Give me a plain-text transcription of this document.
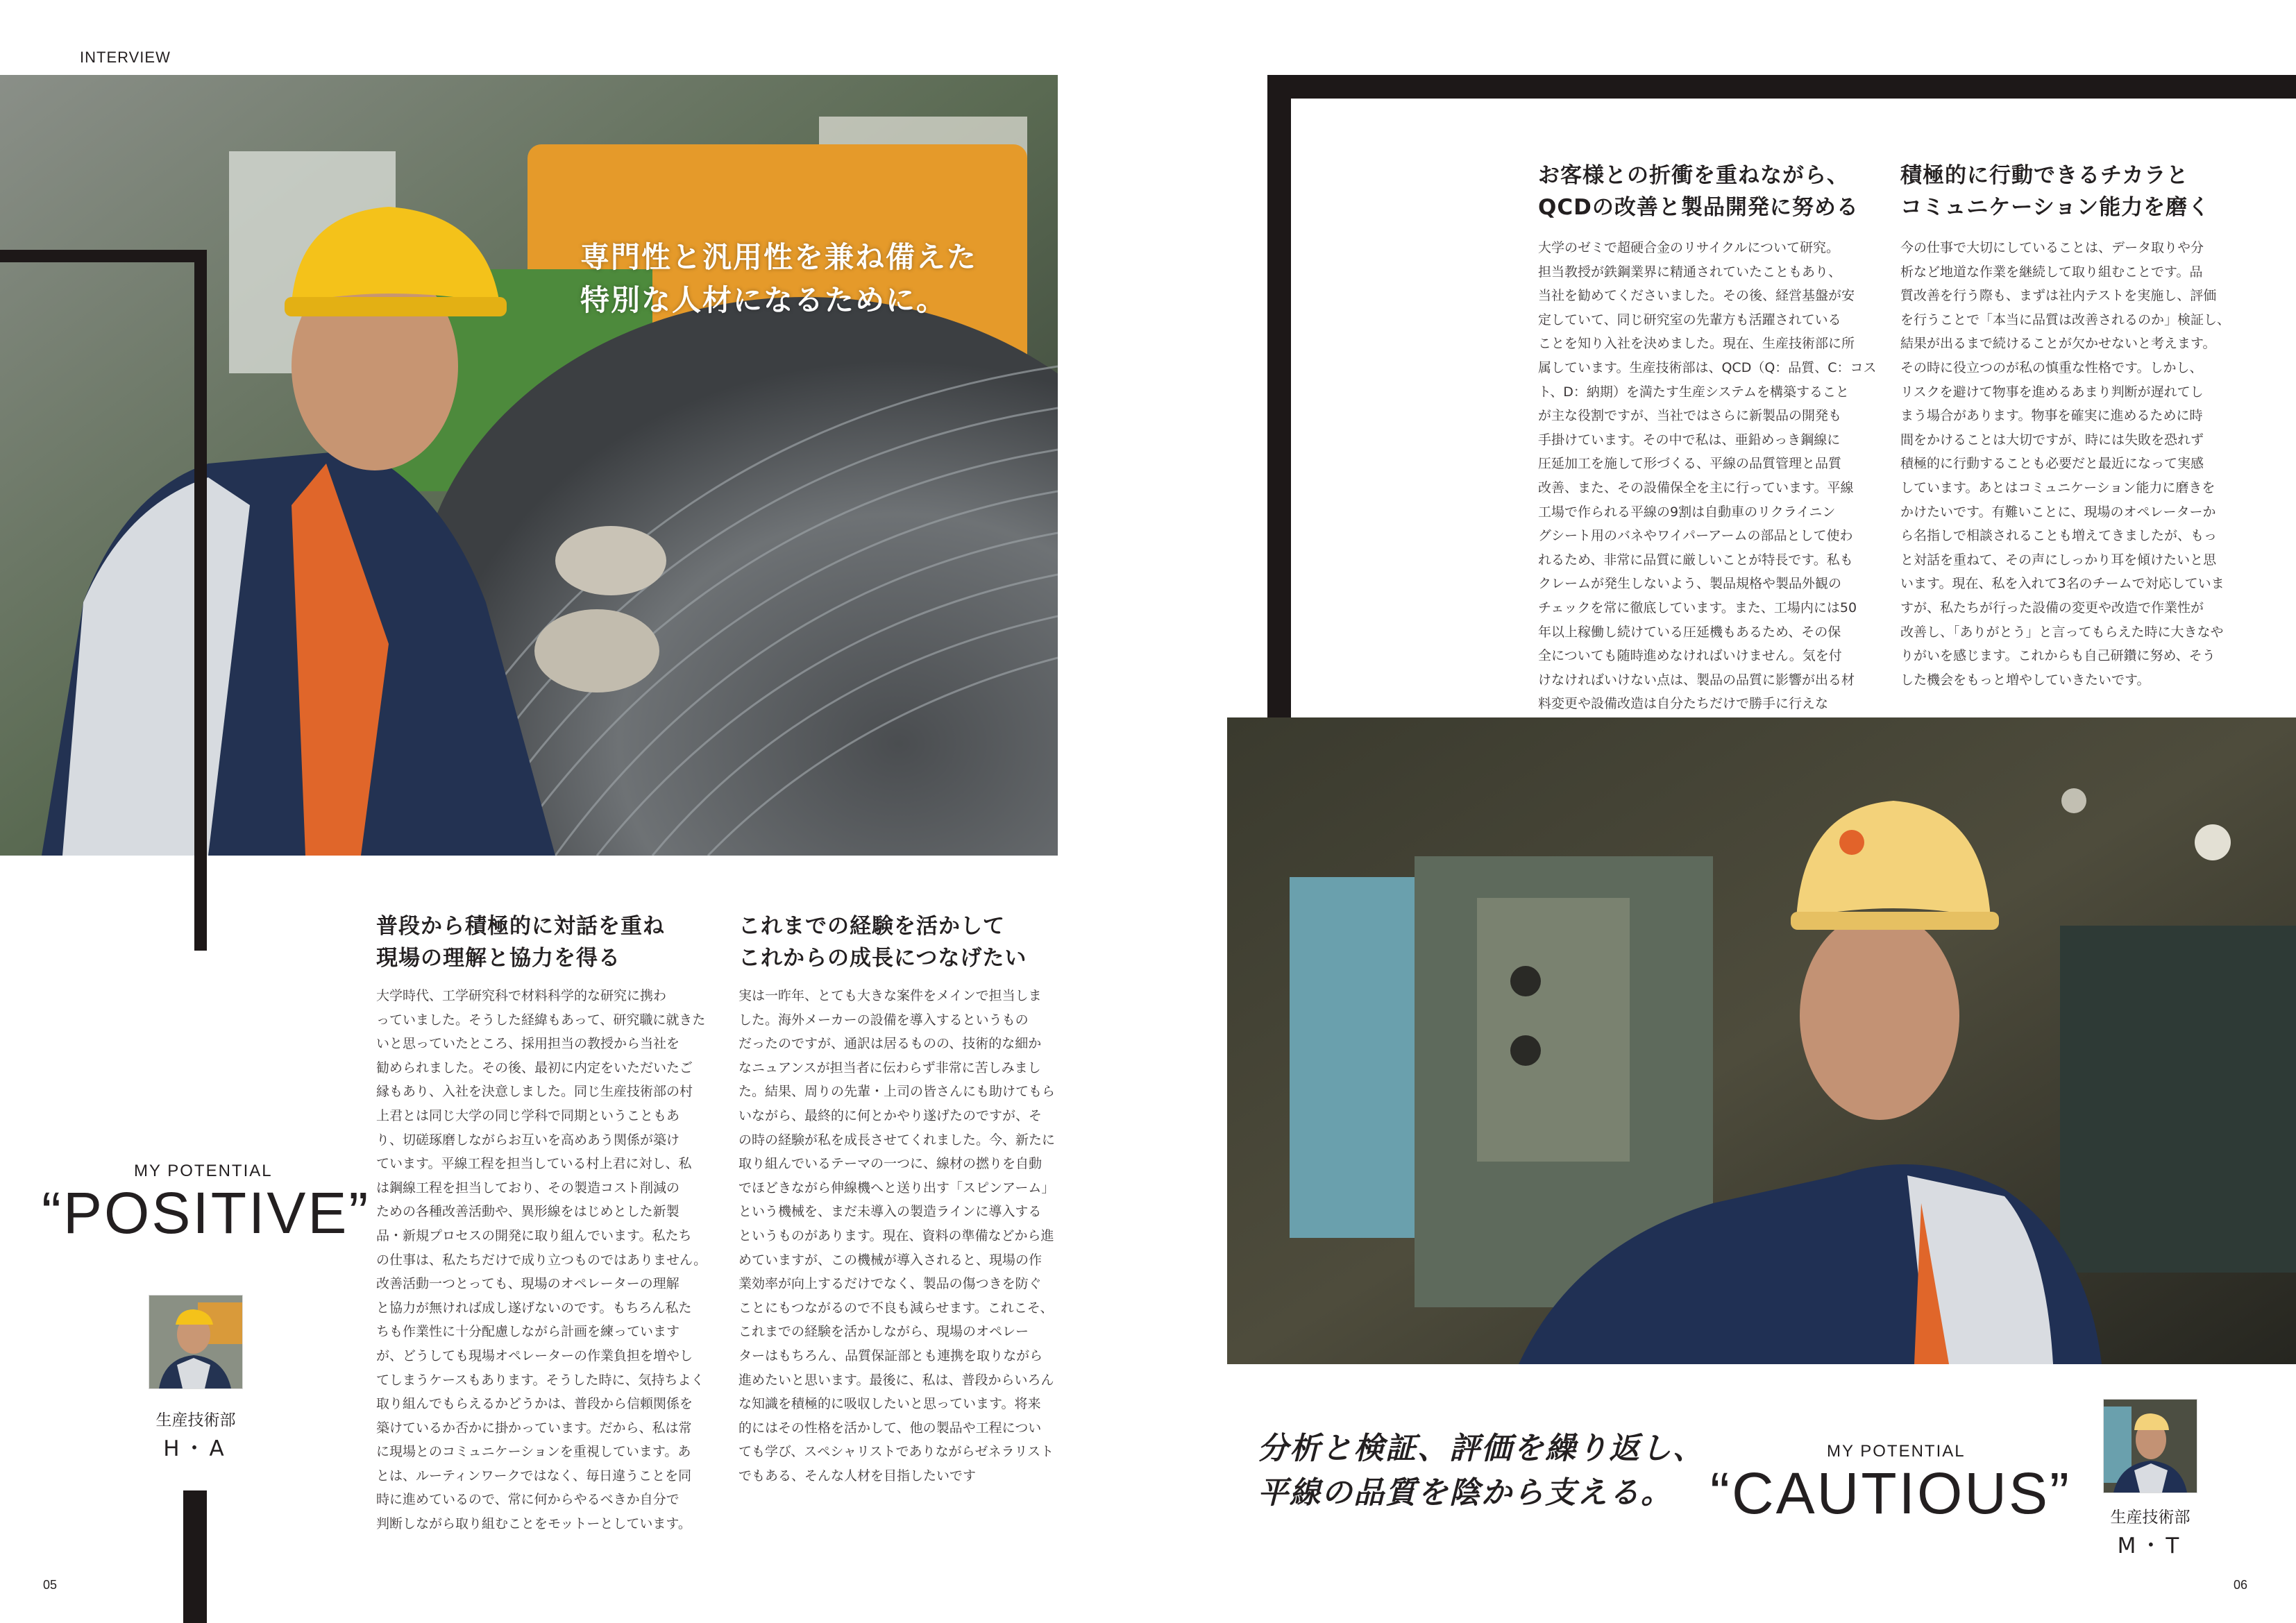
INTERVIEW
専門性と汎用性を兼ね備えた
特別な人材になるために。
普段から積極的に対話を重ね
現場の理解と協力を得る
大学時代、工学研究科で材料科学的な研究に携わ
っていました。そうした経緯もあって、研究職に就きた
いと思っていたところ、採用担当の教授から当社を
勧められました。その後、最初に内定をいただいたご
縁もあり、入社を決意しました。同じ生産技術部の村
上君とは同じ大学の同じ学科で同期ということもあ
り、切磋琢磨しながらお互いを高めあう関係が築け
ています。平線工程を担当している村上君に対し、私
は鋼線工程を担当しており、その製造コスト削減の
ための各種改善活動や、異形線をはじめとした新製
品・新規プロセスの開発に取り組んでいます。私たち
の仕事は、私たちだけで成り立つものではありません。
改善活動一つとっても、現場のオペレーターの理解
と協力が無ければ成し遂げないのです。もちろん私た
ちも作業性に十分配慮しながら計画を練っています
が、どうしても現場オペレーターの作業負担を増やし
てしまうケースもあります。そうした時に、気持ちよく
取り組んでもらえるかどうかは、普段から信頼関係を
築けているか否かに掛かっています。だから、私は常
に現場とのコミュニケーションを重視しています。あ
とは、ルーティンワークではなく、毎日違うことを同
時に進めているので、常に何からやるべきか自分で
判断しながら取り組むことをモットーとしています。
これまでの経験を活かして
これからの成長につなげたい
実は一昨年、とても大きな案件をメインで担当しま
した。海外メーカーの設備を導入するというもの
だったのですが、通訳は居るものの、技術的な細か
なニュアンスが担当者に伝わらず非常に苦しみまし
た。結果、周りの先輩・上司の皆さんにも助けてもら
いながら、最終的に何とかやり遂げたのですが、そ
の時の経験が私を成長させてくれました。今、新たに
取り組んでいるテーマの一つに、線材の撚りを自動
でほどきながら伸線機へと送り出す「スピンアーム」
という機械を、まだ未導入の製造ラインに導入する
というものがあります。現在、資料の準備などから進
めていますが、この機械が導入されると、現場の作
業効率が向上するだけでなく、製品の傷つきを防ぐ
ことにもつながるので不良も減らせます。これこそ、
これまでの経験を活かしながら、現場のオペレー
ターはもちろん、品質保証部とも連携を取りながら
進めたいと思います。最後に、私は、普段からいろん
な知識を積極的に吸収したいと思っています。将来
的にはその性格を活かして、他の製品や工程につい
ても学び、スペシャリストでありながらゼネラリスト
でもある、そんな人材を目指したいです
MY POTENTIAL
“POSITIVE”
生産技術部
H・A
05
お客様との折衝を重ねながら、
QCDの改善と製品開発に努める
大学のゼミで超硬合金のリサイクルについて研究。
担当教授が鉄鋼業界に精通されていたこともあり、
当社を勧めてくださいました。その後、経営基盤が安
定していて、同じ研究室の先輩方も活躍されている
ことを知り入社を決めました。現在、生産技術部に所
属しています。生産技術部は、QCD（Q：品質、C：コス
ト、D：納期）を満たす生産システムを構築すること
が主な役割ですが、当社ではさらに新製品の開発も
手掛けています。その中で私は、亜鉛めっき鋼線に
圧延加工を施して形づくる、平線の品質管理と品質
改善、また、その設備保全を主に行っています。平線
工場で作られる平線の9割は自動車のリクライニン
グシート用のバネやワイパーアームの部品として使わ
れるため、非常に品質に厳しいことが特長です。私も
クレームが発生しないよう、製品規格や製品外観の
チェックを常に徹底しています。また、工場内には50
年以上稼働し続けている圧延機もあるため、その保
全についても随時進めなければいけません。気を付
けなければいけない点は、製品の品質に影響が出る材
料変更や設備改造は自分たちだけで勝手に行えな
積極的に行動できるチカラと
コミュニケーション能力を磨く
今の仕事で大切にしていることは、データ取りや分
析など地道な作業を継続して取り組むことです。品
質改善を行う際も、まずは社内テストを実施し、評価
を行うことで「本当に品質は改善されるのか」検証し、
結果が出るまで続けることが欠かせないと考えます。
その時に役立つのが私の慎重な性格です。しかし、
リスクを避けて物事を進めるあまり判断が遅れてし
まう場合があります。物事を確実に進めるために時
間をかけることは大切ですが、時には失敗を恐れず
積極的に行動することも必要だと最近になって実感
しています。あとはコミュニケーション能力に磨きを
かけたいです。有難いことに、現場のオペレーターか
ら名指しで相談されることも増えてきましたが、もっ
と対話を重ねて、その声にしっかり耳を傾けたいと思
います。現在、私を入れて3名のチームで対応していま
すが、私たちが行った設備の変更や改造で作業性が
改善し、「ありがとう」と言ってもらえた時に大きなや
りがいを感じます。これからも自己研鑽に努め、そう
した機会をもっと増やしていきたいです。
分析と検証、評価を繰り返し、
平線の品質を陰から支える。
MY POTENTIAL
“CAUTIOUS”	生産技術部
M・T
06
